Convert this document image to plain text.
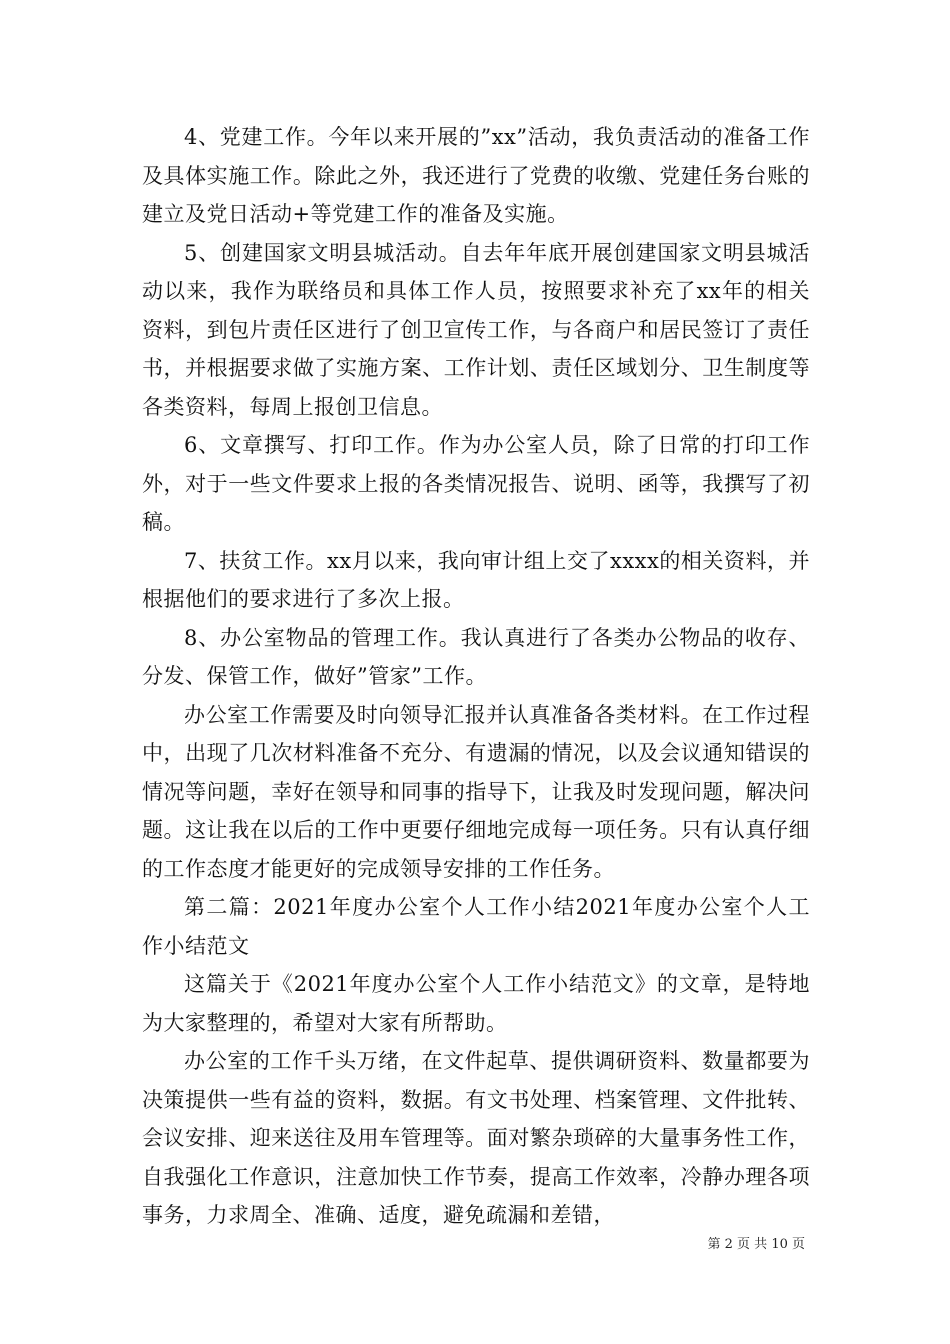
4、党建工作。今年以来开展的”xx”活动，我负责活动的准备工作及具体实施工作。除此之外，我还进行了党费的收缴、党建任务台账的建立及党日活动+等党建工作的准备及实施。

5、创建国家文明县城活动。自去年年底开展创建国家文明县城活动以来，我作为联络员和具体工作人员，按照要求补充了xx年的相关资料，到包片责任区进行了创卫宣传工作，与各商户和居民签订了责任书，并根据要求做了实施方案、工作计划、责任区域划分、卫生制度等各类资料，每周上报创卫信息。

6、文章撰写、打印工作。作为办公室人员，除了日常的打印工作外，对于一些文件要求上报的各类情况报告、说明、函等，我撰写了初稿。

7、扶贫工作。xx月以来，我向审计组上交了xxxx的相关资料，并根据他们的要求进行了多次上报。

8、办公室物品的管理工作。我认真进行了各类办公物品的收存、分发、保管工作，做好”管家”工作。

办公室工作需要及时向领导汇报并认真准备各类材料。在工作过程中，出现了几次材料准备不充分、有遗漏的情况，以及会议通知错误的情况等问题，幸好在领导和同事的指导下，让我及时发现问题，解决问题。这让我在以后的工作中更要仔细地完成每一项任务。只有认真仔细的工作态度才能更好的完成领导安排的工作任务。

第二篇：2021年度办公室个人工作小结2021年度办公室个人工作小结范文

这篇关于《2021年度办公室个人工作小结范文》的文章，是特地为大家整理的，希望对大家有所帮助。

办公室的工作千头万绪，在文件起草、提供调研资料、数量都要为决策提供一些有益的资料，数据。有文书处理、档案管理、文件批转、会议安排、迎来送往及用车管理等。面对繁杂琐碎的大量事务性工作，自我强化工作意识，注意加快工作节奏，提高工作效率，冷静办理各项事务，力求周全、准确、适度，避免疏漏和差错，

第 2 页 共 10 页
